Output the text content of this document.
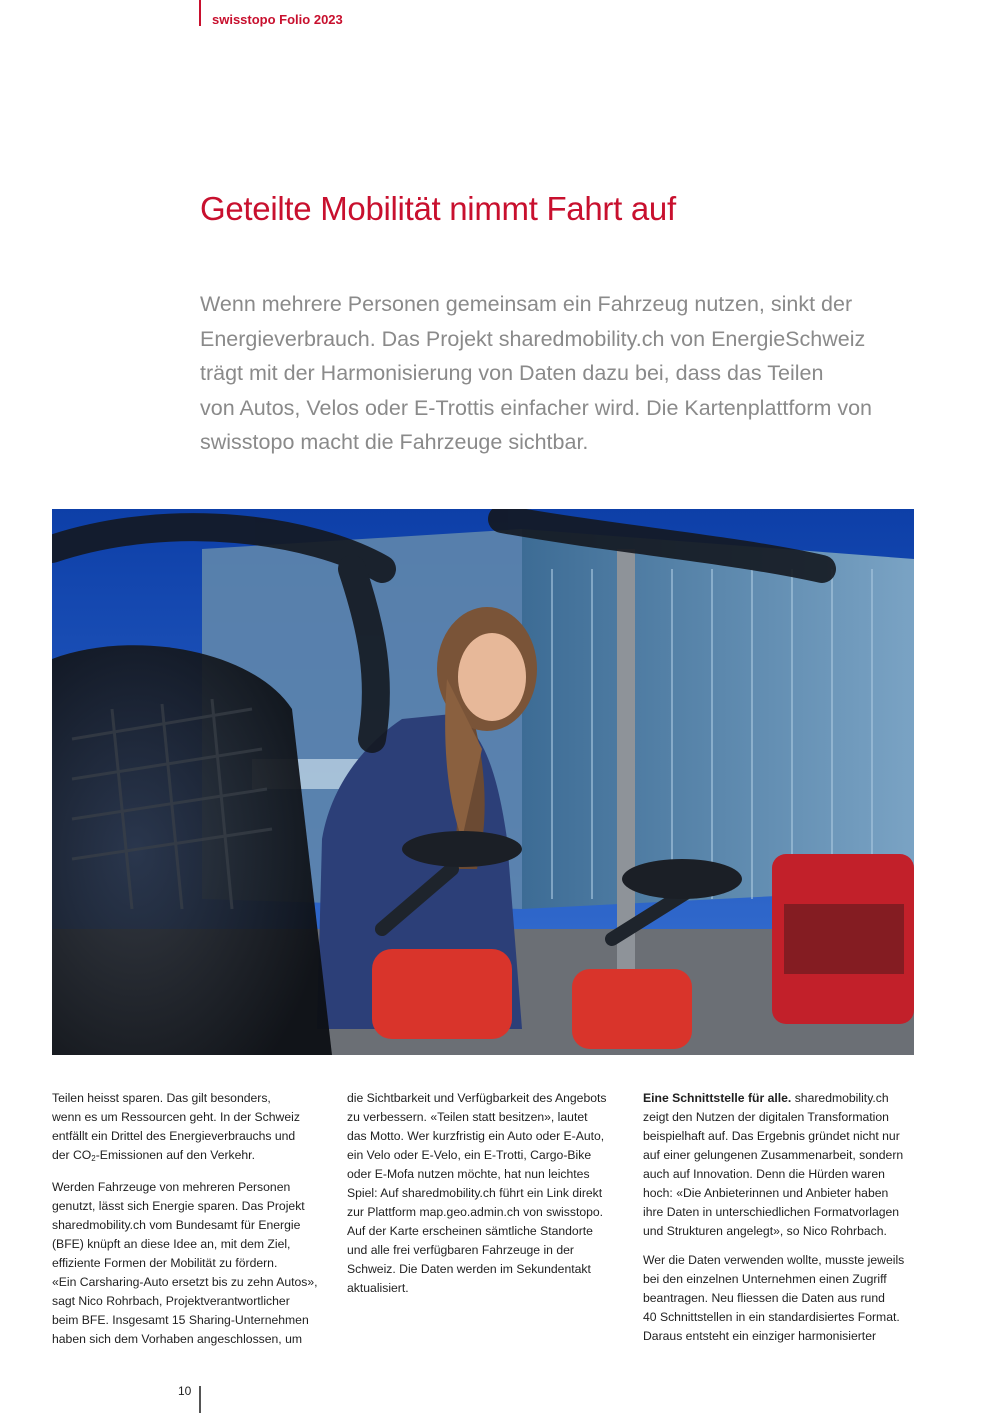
swisstopo Folio 2023
Geteilte Mobilität nimmt Fahrt auf

Wenn mehrere Personen gemeinsam ein Fahrzeug nutzen, sinkt der
Energieverbrauch. Das Projekt sharedmobility.ch von EnergieSchweiz
trägt mit der Harmonisierung von Daten dazu bei, dass das Teilen
von Autos, Velos oder E-Trottis einfacher wird. Die Kartenplattform von
swisstopo macht die Fahrzeuge sichtbar.

Teilen heisst sparen. Das gilt besonders,
wenn es um Ressourcen geht. In der Schweiz
entfällt ein Drittel des Energieverbrauchs und
der $CO_2$-Emissionen auf den Verkehr.

Werden Fahrzeuge von mehreren Personen
genutzt, lässt sich Energie sparen. Das Projekt
sharedmobility.ch vom Bundesamt für Energie
(BFE) knüpft an diese Idee an, mit dem Ziel,
effiziente Formen der Mobilität zu fördern.
«Ein Carsharing-Auto ersetzt bis zu zehn Autos»,
sagt Nico Rohrbach, Projektverantwortlicher
beim BFE. Insgesamt 15 Sharing-Unternehmen
haben sich dem Vorhaben angeschlossen, um

die Sichtbarkeit und Verfügbarkeit des Angebots
zu verbessern. «Teilen statt besitzen», lautet
das Motto. Wer kurzfristig ein Auto oder E-Auto,
ein Velo oder E-Velo, ein E-Trotti, Cargo-Bike
oder E-Mofa nutzen möchte, hat nun leichtes
Spiel: Auf sharedmobility.ch führt ein Link direkt
zur Plattform map.geo.admin.ch von swisstopo.
Auf der Karte erscheinen sämtliche Standorte
und alle frei verfügbaren Fahrzeuge in der
Schweiz. Die Daten werden im Sekundentakt
aktualisiert.

Eine Schnittstelle für alle. sharedmobility.ch
zeigt den Nutzen der digitalen Transformation
beispielhaft auf. Das Ergebnis gründet nicht nur
auf einer gelungenen Zusammenarbeit, sondern
auch auf Innovation. Denn die Hürden waren
hoch: «Die Anbieterinnen und Anbieter haben
ihre Daten in unterschiedlichen Formatvorlagen
und Strukturen angelegt», so Nico Rohrbach.

Wer die Daten verwenden wollte, musste jeweils
bei den einzelnen Unternehmen einen Zugriff
beantragen. Neu fliessen die Daten aus rund
40 Schnittstellen in ein standardisiertes Format.
Daraus entsteht ein einziger harmonisierter

10
